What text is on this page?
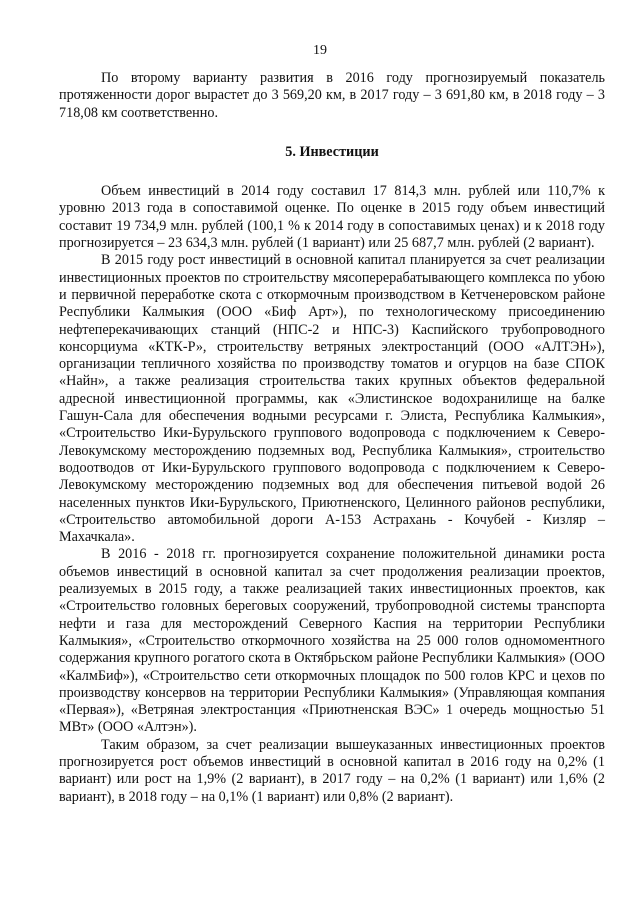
19

По второму варианту развития в 2016 году прогнозируемый показатель протяженности дорог вырастет до 3 569,20 км, в 2017 году – 3 691,80 км, в 2018 году – 3 718,08 км соответственно.

5. Инвестиции

Объем инвестиций в 2014 году составил 17 814,3 млн. рублей или 110,7% к уровню 2013 года в сопоставимой оценке. По оценке в 2015 году объем инвестиций составит 19 734,9 млн. рублей (100,1 % к 2014 году в сопоставимых ценах) и к 2018 году прогнозируется – 23 634,3 млн. рублей (1 вариант) или 25 687,7 млн. рублей (2 вариант).

В 2015 году рост инвестиций в основной капитал планируется за счет реализации инвестиционных проектов по строительству мясоперерабатывающего комплекса по убою и первичной переработке скота с откормочным производством в Кетченеровском районе Республики Калмыкия (ООО «Биф Арт»), по технологическому присоединению нефтеперекачивающих станций (НПС-2 и НПС-3) Каспийского трубопроводного консорциума «КТК-Р», строительству ветряных электростанций (ООО «АЛТЭН»), организации тепличного хозяйства по производству томатов и огурцов на базе СПОК «Найн», а также реализация строительства таких крупных объектов федеральной адресной инвестиционной программы, как «Элистинское водохранилище на балке Гашун-Сала для обеспечения водными ресурсами г. Элиста, Республика Калмыкия», «Строительство Ики-Бурульского группового водопровода с подключением к Северо-Левокумскому месторождению подземных вод, Республика Калмыкия», строительство водоотводов от Ики-Бурульского группового водопровода с подключением к Северо-Левокумскому месторождению подземных вод для обеспечения питьевой водой 26 населенных пунктов Ики-Бурульского, Приютненского, Целинного районов республики, «Строительство автомобильной дороги А-153 Астрахань - Кочубей - Кизляр – Махачкала».

В 2016 - 2018 гг. прогнозируется сохранение положительной динамики роста объемов инвестиций в основной капитал за счет продолжения реализации проектов, реализуемых в 2015 году, а также реализацией таких инвестиционных проектов, как «Строительство головных береговых сооружений, трубопроводной системы транспорта нефти и газа для месторождений Северного Каспия на территории Республики Калмыкия», «Строительство откормочного хозяйства на 25 000 голов одномоментного содержания крупного рогатого скота в Октябрьском районе Республики Калмыкия» (ООО «КалмБиф»), «Строительство сети откормочных площадок по 500 голов КРС и цехов по производству консервов на территории Республики Калмыкия» (Управляющая компания «Первая»), «Ветряная электростанция «Приютненская ВЭС» 1 очередь мощностью 51 МВт» (ООО «Алтэн»).

Таким образом, за счет реализации вышеуказанных инвестиционных проектов прогнозируется рост объемов инвестиций в основной капитал в 2016 году на 0,2% (1 вариант) или рост на 1,9% (2 вариант), в 2017 году – на 0,2% (1 вариант) или 1,6% (2 вариант), в 2018 году – на 0,1% (1 вариант) или 0,8% (2 вариант).
